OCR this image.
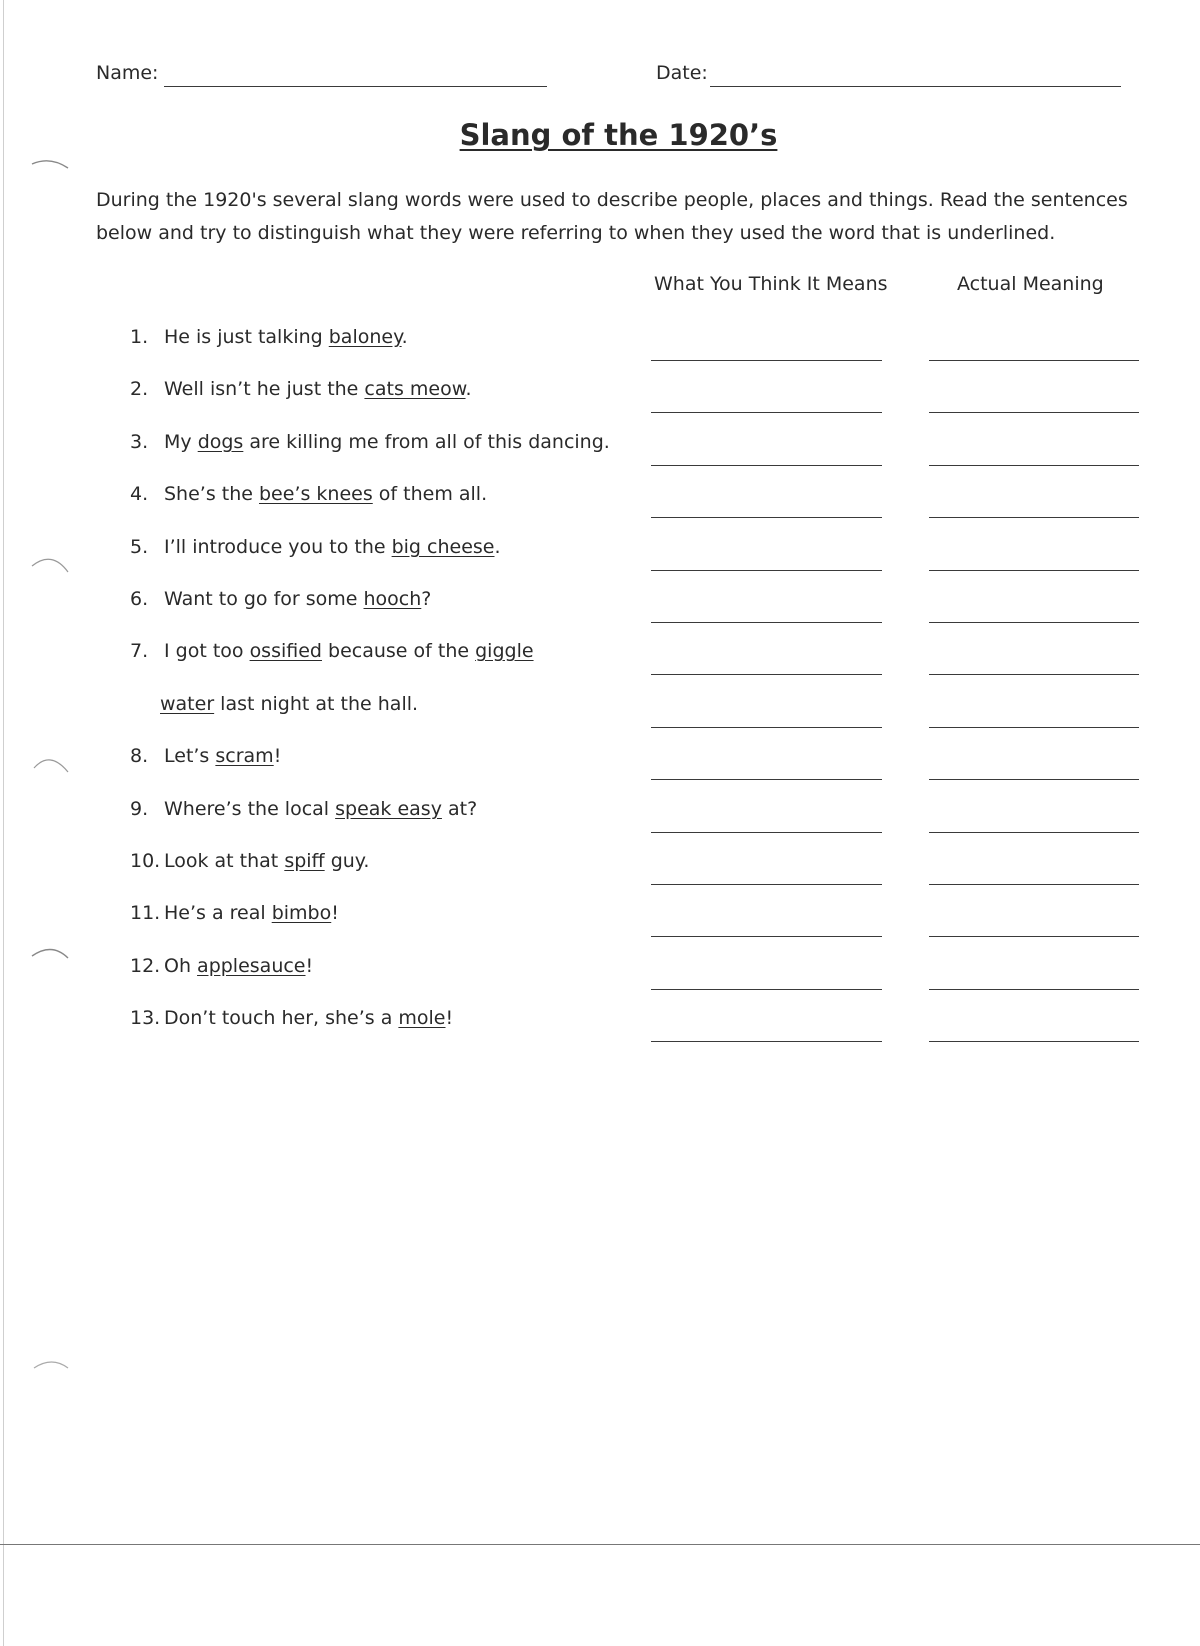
Name:	Date:
Slang of the 1920’s
During the 1920's several slang words were used to describe people, places and things. Read the sentences below and try to distinguish what they were referring to when they used the word that is underlined.
What You Think It Means	Actual Meaning
1. He is just talking baloney.
2. Well isn’t he just the cats meow.
3. My dogs are killing me from all of this dancing.
4. She’s the bee’s knees of them all.
5. I’ll introduce you to the big cheese.
6. Want to go for some hooch?
7. I got too ossified because of the giggle
water last night at the hall.
8. Let’s scram!
9. Where’s the local speak easy at?
10. Look at that spiff guy.
11. He’s a real bimbo!
12. Oh applesauce!
13. Don’t touch her, she’s a mole!
